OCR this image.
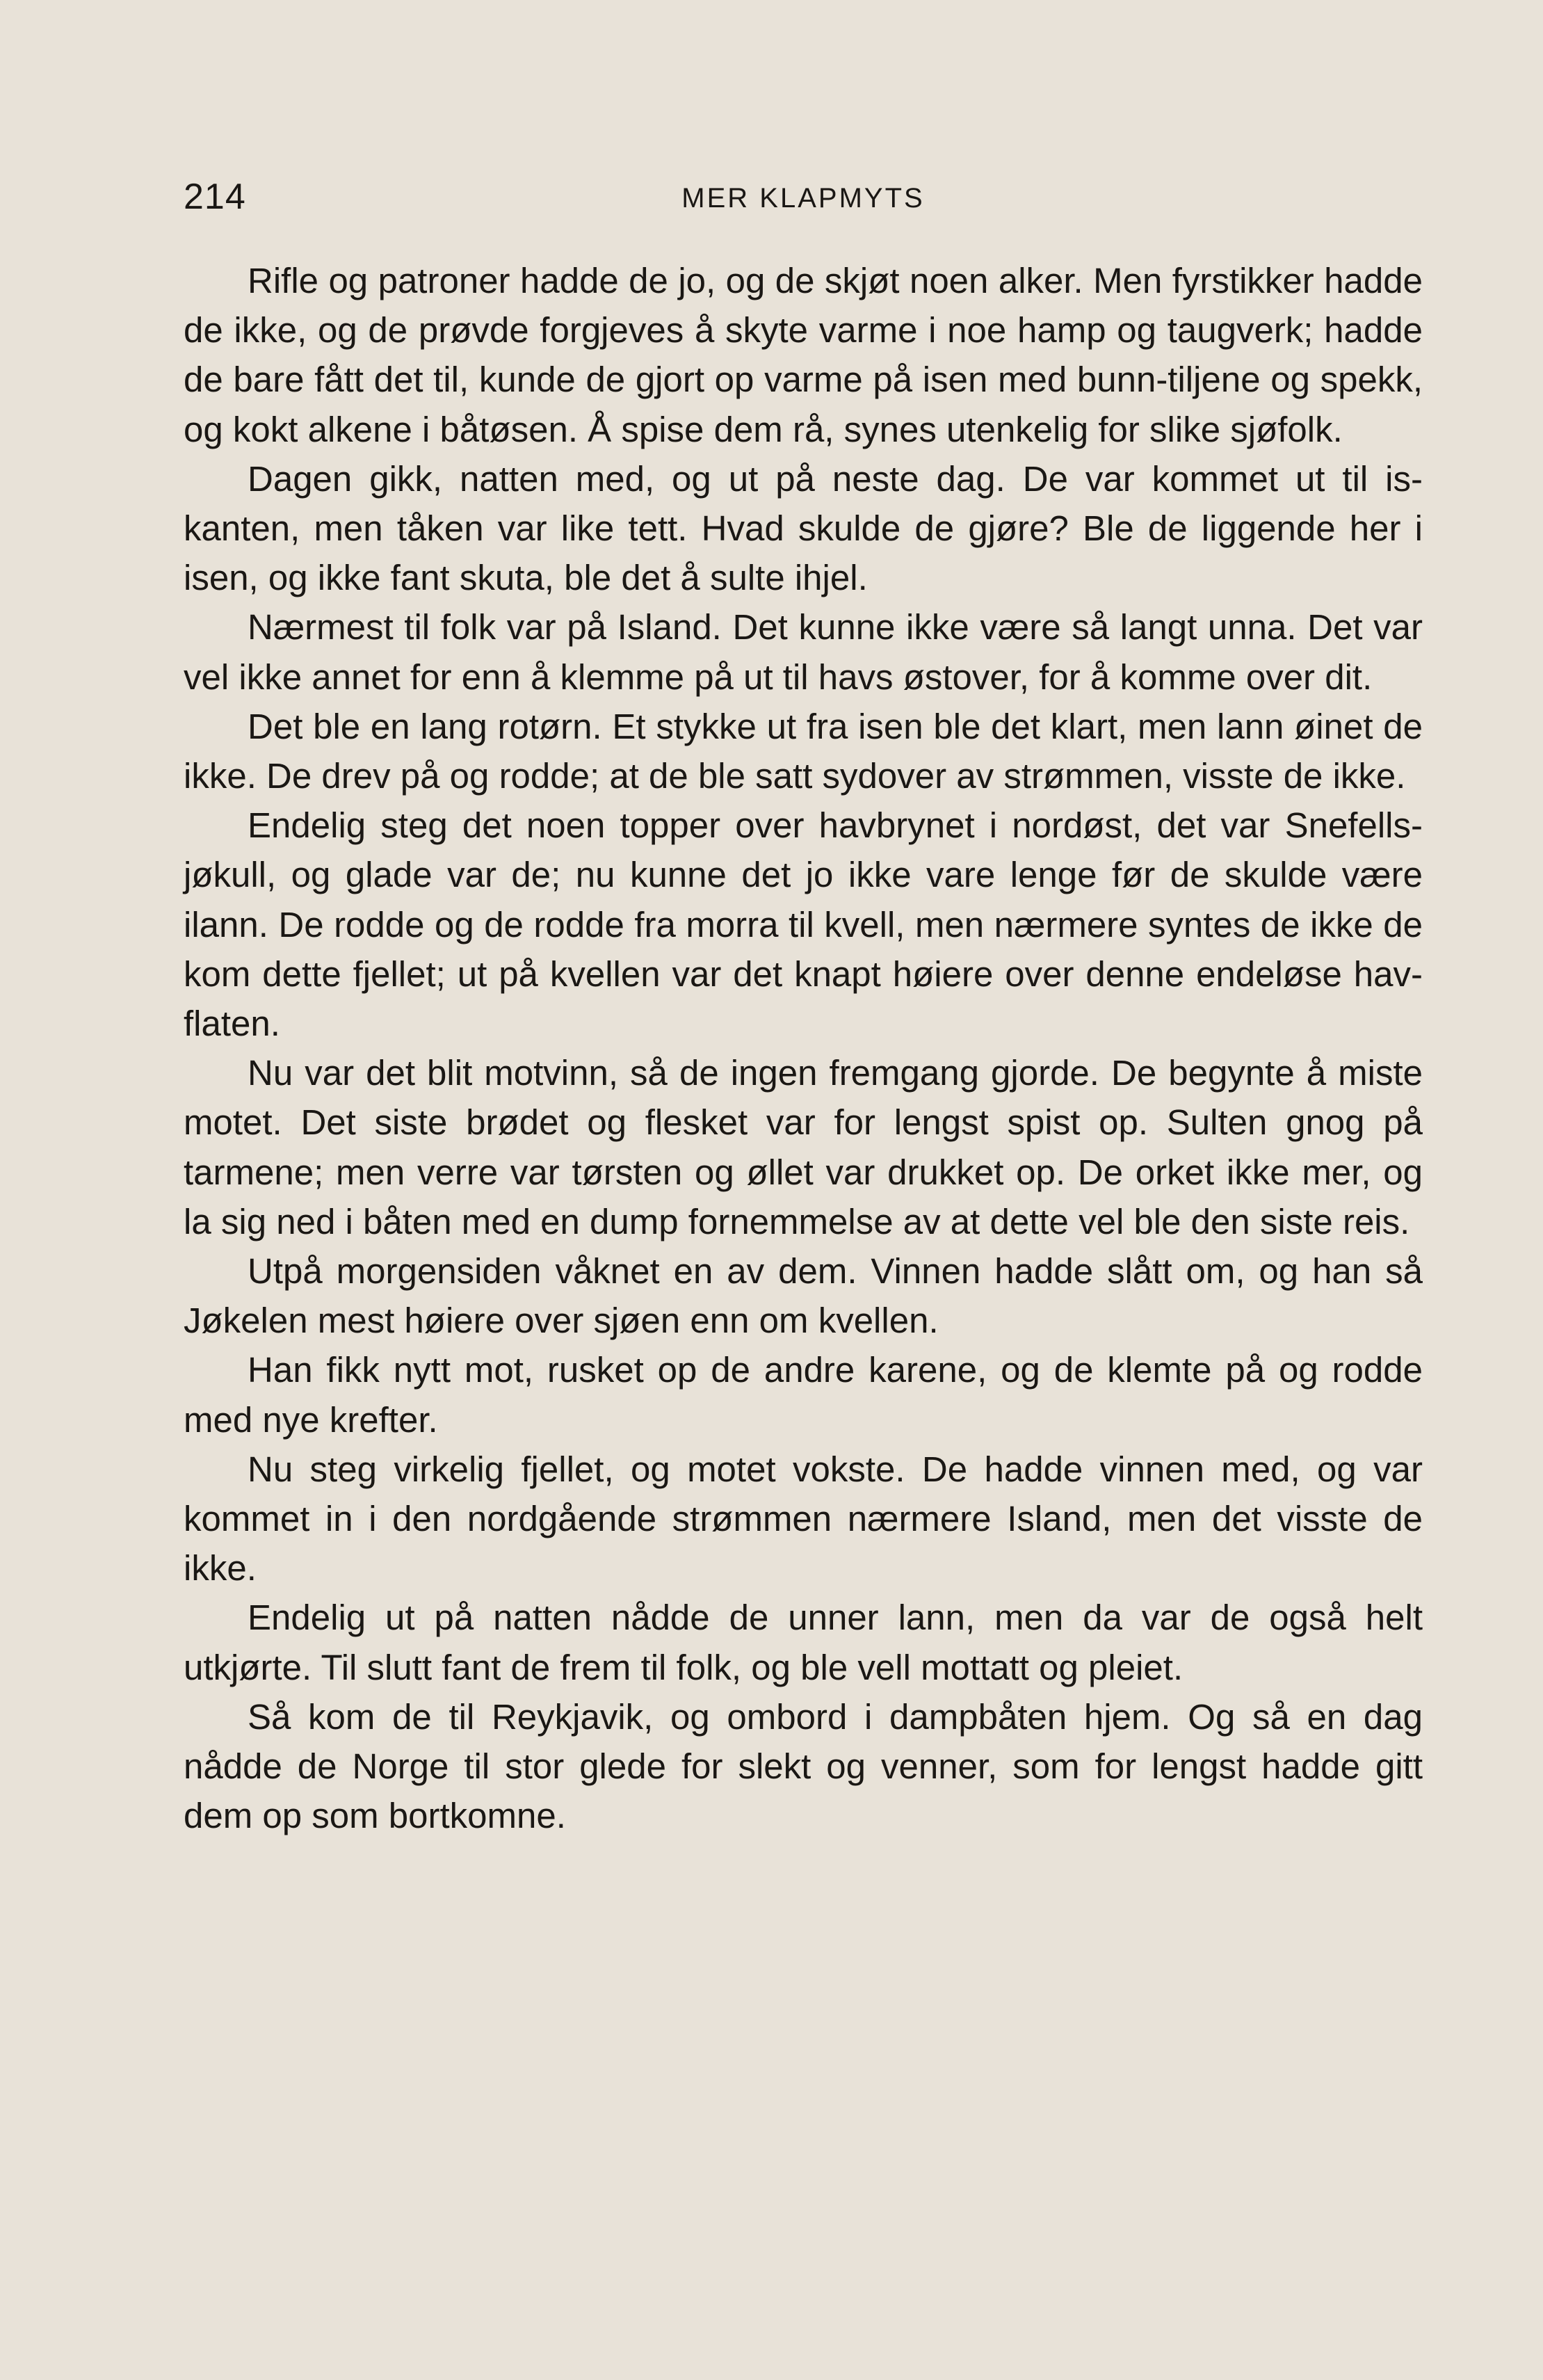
214	MER KLAPMYTS

Rifle og patroner hadde de jo, og de skjøt noen alker. Men fyrstikker hadde de ikke, og de prøvde forgjeves å skyte varme i noe hamp og taugverk; hadde de bare fått det til, kunde de gjort op varme på isen med bunn-tiljene og spekk, og kokt alkene i båtøsen. Å spise dem rå, synes utenkelig for slike sjøfolk.

Dagen gikk, natten med, og ut på neste dag. De var kommet ut til is-kanten, men tåken var like tett. Hvad skulde de gjøre? Ble de liggende her i isen, og ikke fant skuta, ble det å sulte ihjel.

Nærmest til folk var på Island. Det kunne ikke være så langt unna. Det var vel ikke annet for enn å klemme på ut til havs østover, for å komme over dit.

Det ble en lang rotørn. Et stykke ut fra isen ble det klart, men lann øinet de ikke. De drev på og rodde; at de ble satt sydover av strømmen, visste de ikke.

Endelig steg det noen topper over havbrynet i nordøst, det var Snefells-jøkull, og glade var de; nu kunne det jo ikke vare lenge før de skulde være ilann. De rodde og de rodde fra morra til kvell, men nærmere syntes de ikke de kom dette fjellet; ut på kvellen var det knapt høiere over denne endeløse hav-flaten.

Nu var det blit motvinn, så de ingen fremgang gjorde. De begynte å miste motet. Det siste brødet og flesket var for lengst spist op. Sulten gnog på tarmene; men verre var tørsten og øllet var drukket op. De orket ikke mer, og la sig ned i båten med en dump fornemmelse av at dette vel ble den siste reis.

Utpå morgensiden våknet en av dem. Vinnen hadde slått om, og han så Jøkelen mest høiere over sjøen enn om kvellen.

Han fikk nytt mot, rusket op de andre karene, og de klemte på og rodde med nye krefter.

Nu steg virkelig fjellet, og motet vokste. De hadde vinnen med, og var kommet in i den nordgående strømmen nærmere Island, men det visste de ikke.

Endelig ut på natten nådde de unner lann, men da var de også helt utkjørte. Til slutt fant de frem til folk, og ble vell mottatt og pleiet.

Så kom de til Reykjavik, og ombord i dampbåten hjem. Og så en dag nådde de Norge til stor glede for slekt og venner, som for lengst hadde gitt dem op som bortkomne.
